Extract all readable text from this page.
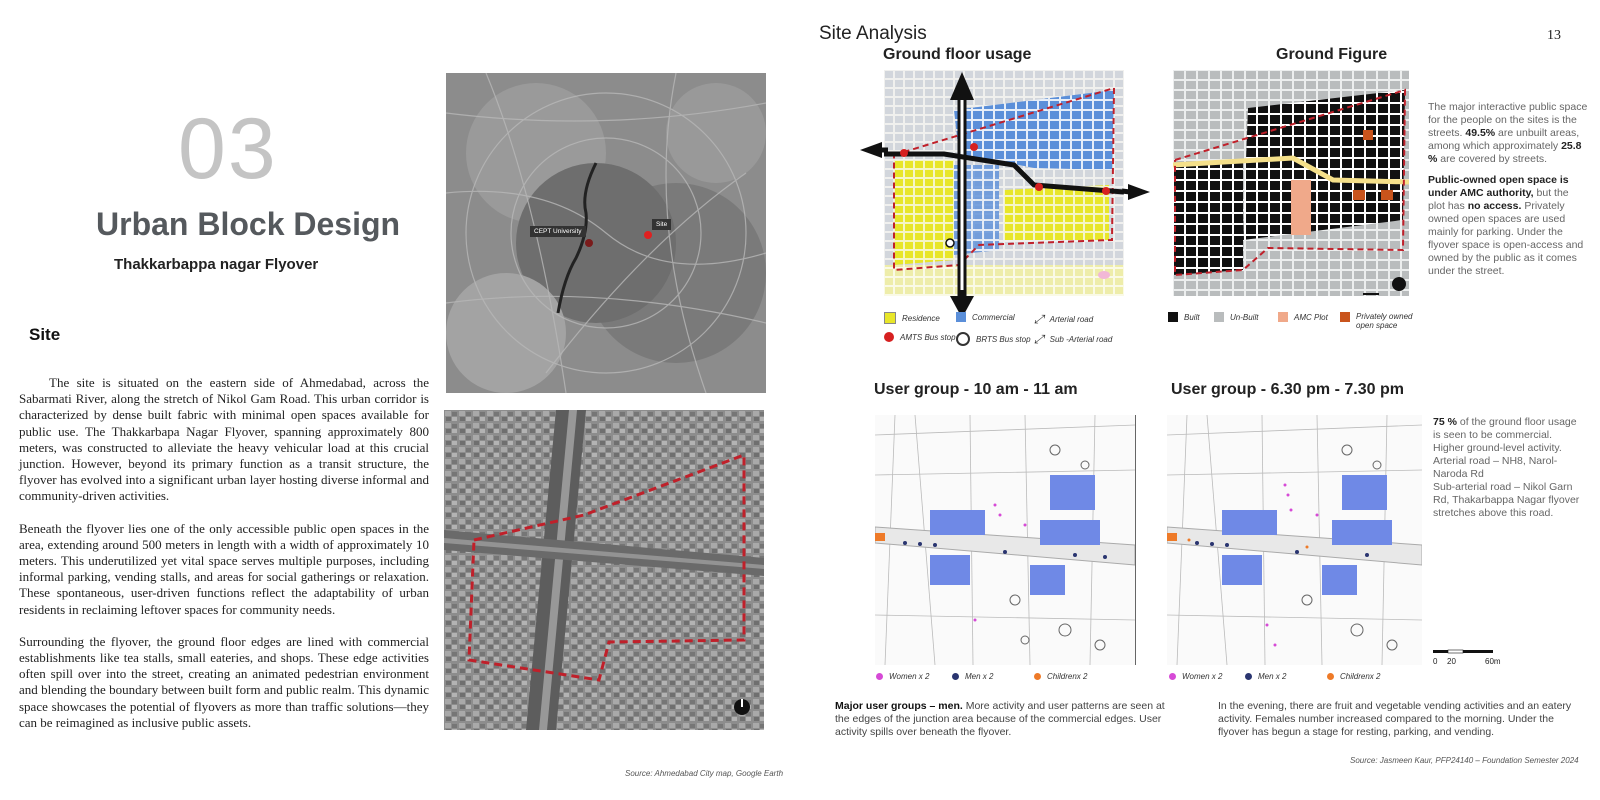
03
Urban Block Design
Thakkarbappa nagar Flyover
Site

The site is situated on the eastern side of Ahmedabad, across the Sabarmati River, along the stretch of Nikol Gam Road. This urban corridor is characterized by dense built fabric with minimal open spaces available for public use. The Thakkarbapa Nagar Flyover, spanning approximately 800 meters, was constructed to alleviate the heavy vehicular load at this crucial junction. However, beyond its primary function as a transit structure, the flyover has evolved into a significant urban layer hosting diverse informal and community-driven activities.

Beneath the flyover lies one of the only accessible public open spaces in the area, extending around 500 meters in length with a width of approximately 10 meters. This underutilized yet vital space serves multiple purposes, including informal parking, vending stalls, and areas for social gatherings or relaxation. These spontaneous, user-driven functions reflect the adaptability of urban residents in reclaiming leftover spaces for community needs.

Surrounding the flyover, the ground floor edges are lined with commercial establishments like tea stalls, small eateries, and shops. These edge activities often spill over into the street, creating an animated pedestrian environment and blending the boundary between built form and public realm. This dynamic space showcases the potential of flyovers as more than traffic solutions—they can be reimagined as inclusive public assets.

CEPT University
Site
Source: Ahmedabad City map, Google Earth
Site Analysis	13
Ground floor usage
Residence	Commercial ⤢ Arterial road
AMTS Bus stop	BRTS Bus stop ⤢ Sub -Arterial road
Ground Figure
Built	Un-Built	AMC Plot	Privately owned open space

The major interactive public space for the people on the sites is the streets. 49.5% are unbuilt areas, among which approximately 25.8 % are covered by streets.

Public-owned open space is under AMC authority, but the plot has no access. Privately owned open spaces are used mainly for parking. Under the flyover space is open-access and owned by the public as it comes under the street.

User group - 10 am - 11 am	User group - 6.30 pm - 7.30 pm
Women x 2	Men x 2	Childrenx 2	Women x 2	Men x 2	Childrenx 2

75 % of the ground floor usage is seen to be commercial. Higher ground-level activity.

Arterial road – NH8, Narol-Naroda Rd

Sub-arterial road – Nikol Garn Rd, Thakarbappa Nagar flyover stretches above this road.

0 20	60m
Major user groups – men. More activity and user patterns are seen at the edges of the junction area because of the commercial edges. User activity spills over beneath the flyover.
In the evening, there are fruit and vegetable vending activities and an eatery activity. Females number increased compared to the morning. Under the flyover has begun a stage for resting, parking, and vending.
Source: Jasmeen Kaur, PFP24140 – Foundation Semester 2024
